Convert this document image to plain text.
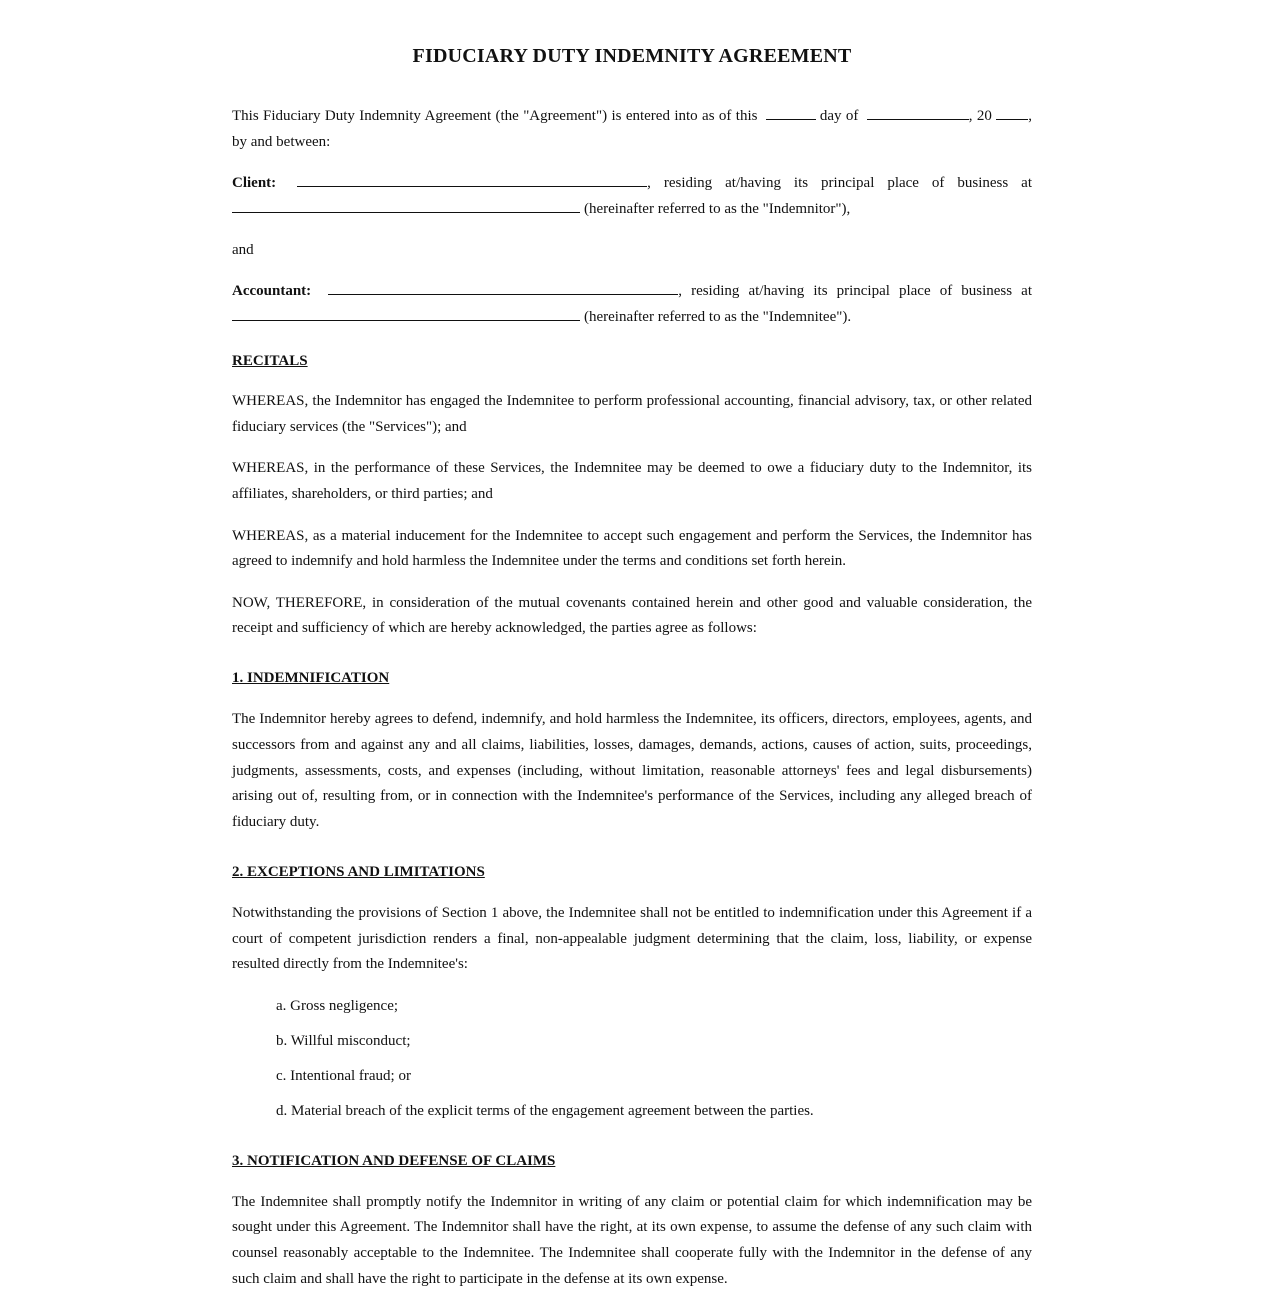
FIDUCIARY DUTY INDEMNITY AGREEMENT

This Fiduciary Duty Indemnity Agreement (the "Agreement") is entered into as of this	day of	, 20 , by and between:

Client:	, residing at/having its principal place of business at (hereinafter referred to as the "Indemnitor"),

and

Accountant:	, residing at/having its principal place of business at (hereinafter referred to as the "Indemnitee").

RECITALS

WHEREAS, the Indemnitor has engaged the Indemnitee to perform professional accounting, financial advisory, tax, or other related fiduciary services (the "Services"); and

WHEREAS, in the performance of these Services, the Indemnitee may be deemed to owe a fiduciary duty to the Indemnitor, its affiliates, shareholders, or third parties; and

WHEREAS, as a material inducement for the Indemnitee to accept such engagement and perform the Services, the Indemnitor has agreed to indemnify and hold harmless the Indemnitee under the terms and conditions set forth herein.

NOW, THEREFORE, in consideration of the mutual covenants contained herein and other good and valuable consideration, the receipt and sufficiency of which are hereby acknowledged, the parties agree as follows:

1. INDEMNIFICATION

The Indemnitor hereby agrees to defend, indemnify, and hold harmless the Indemnitee, its officers, directors, employees, agents, and successors from and against any and all claims, liabilities, losses, damages, demands, actions, causes of action, suits, proceedings, judgments, assessments, costs, and expenses (including, without limitation, reasonable attorneys' fees and legal disbursements) arising out of, resulting from, or in connection with the Indemnitee's performance of the Services, including any alleged breach of fiduciary duty.

2. EXCEPTIONS AND LIMITATIONS

Notwithstanding the provisions of Section 1 above, the Indemnitee shall not be entitled to indemnification under this Agreement if a court of competent jurisdiction renders a final, non-appealable judgment determining that the claim, loss, liability, or expense resulted directly from the Indemnitee's:

a. Gross negligence;
b. Willful misconduct;
c. Intentional fraud; or
d. Material breach of the explicit terms of the engagement agreement between the parties.
3. NOTIFICATION AND DEFENSE OF CLAIMS

The Indemnitee shall promptly notify the Indemnitor in writing of any claim or potential claim for which indemnification may be sought under this Agreement. The Indemnitor shall have the right, at its own expense, to assume the defense of any such claim with counsel reasonably acceptable to the Indemnitee. The Indemnitee shall cooperate fully with the Indemnitor in the defense of any such claim and shall have the right to participate in the defense at its own expense.
